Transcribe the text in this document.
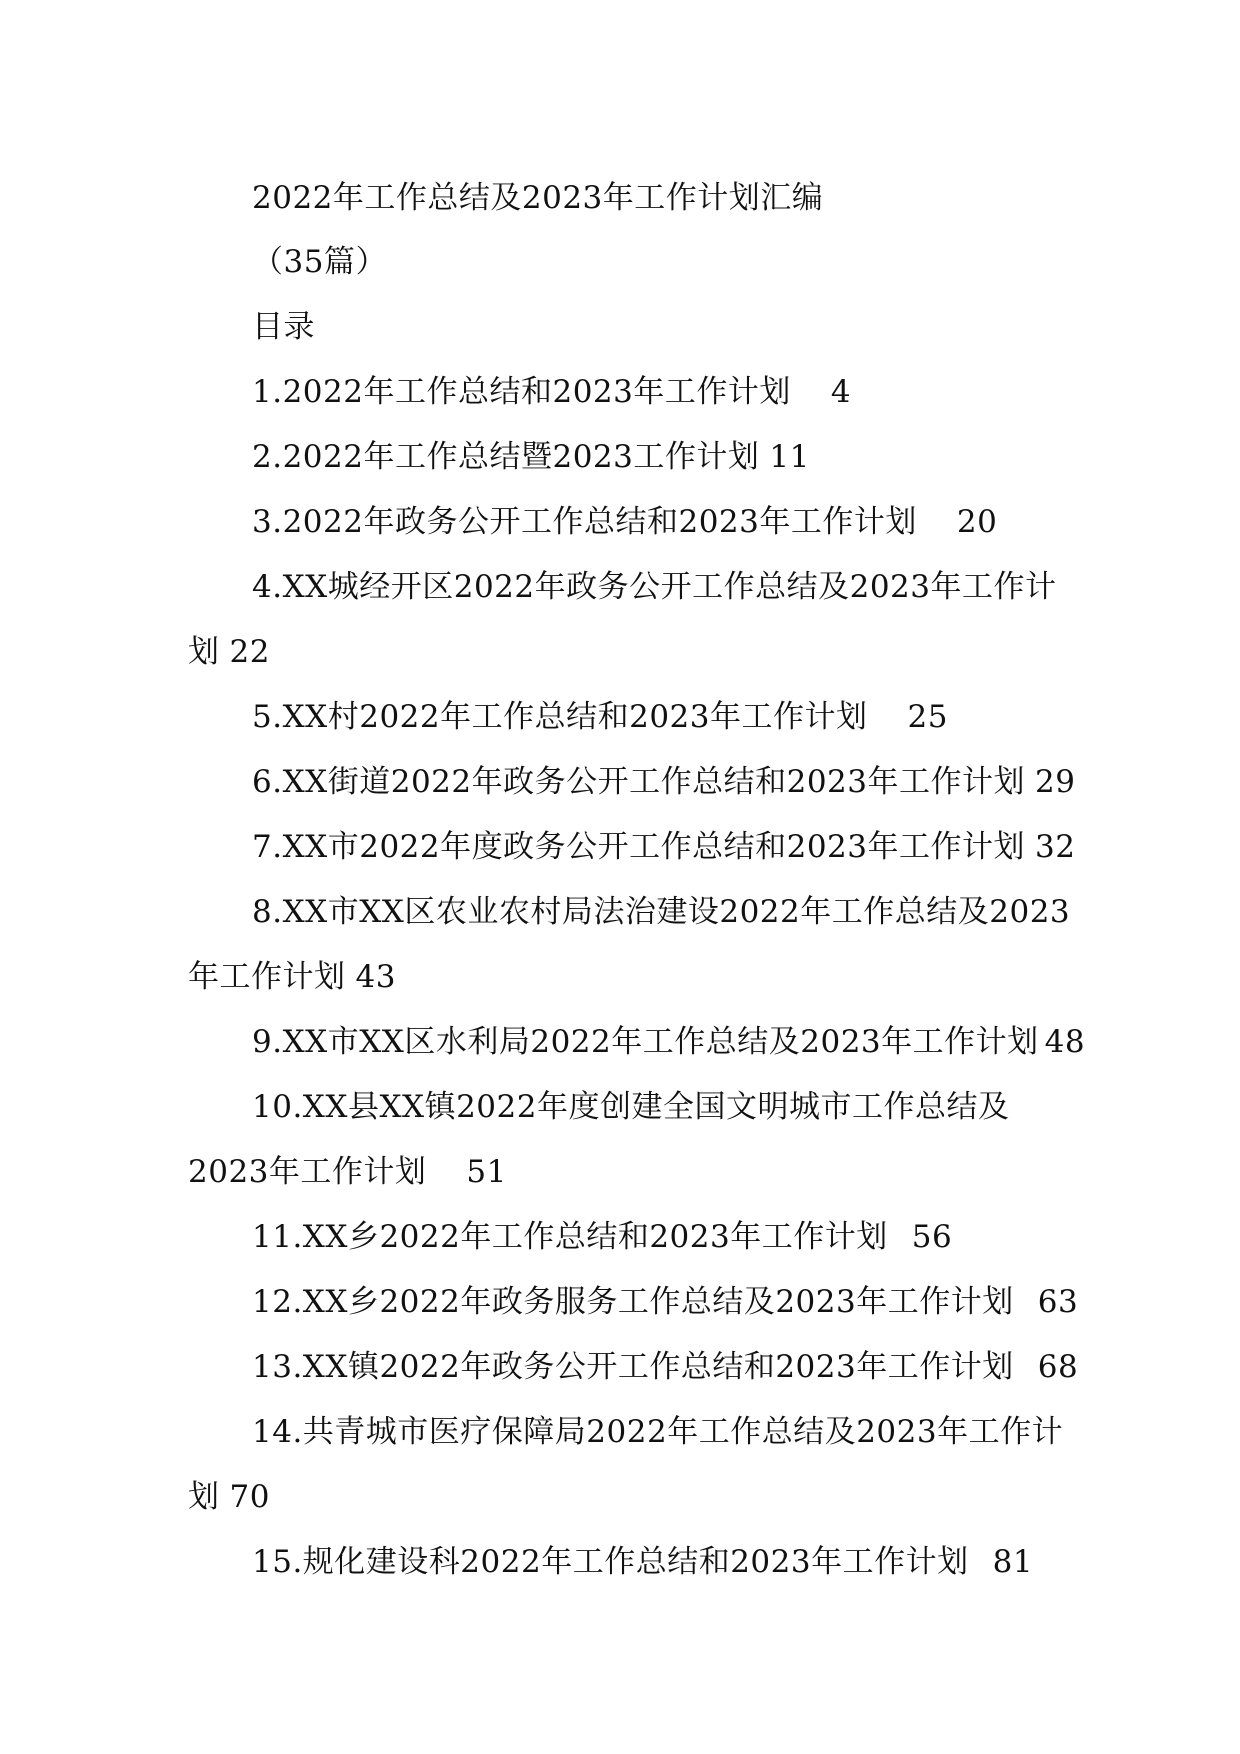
2022年工作总结及2023年工作计划汇编
（35篇）
目录
1.2022年工作总结和2023年工作计划 4
2.2022年工作总结暨2023工作计划 11
3.2022年政务公开工作总结和2023年工作计划 20
4.XX城经开区2022年政务公开工作总结及2023年工作计
划 22
5.XX村2022年工作总结和2023年工作计划 25
6.XX街道2022年政务公开工作总结和2023年工作计划 29
7.XX市2022年度政务公开工作总结和2023年工作计划 32
8.XX市XX区农业农村局法治建设2022年工作总结及2023
年工作计划 43
9.XX市XX区水利局2022年工作总结及2023年工作计划 48
10.XX县XX镇2022年度创建全国文明城市工作总结及
2023年工作计划 51
11.XX乡2022年工作总结和2023年工作计划 56
12.XX乡2022年政务服务工作总结及2023年工作计划 63
13.XX镇2022年政务公开工作总结和2023年工作计划 68
14.共青城市医疗保障局2022年工作总结及2023年工作计
划 70
15.规化建设科2022年工作总结和2023年工作计划 81
